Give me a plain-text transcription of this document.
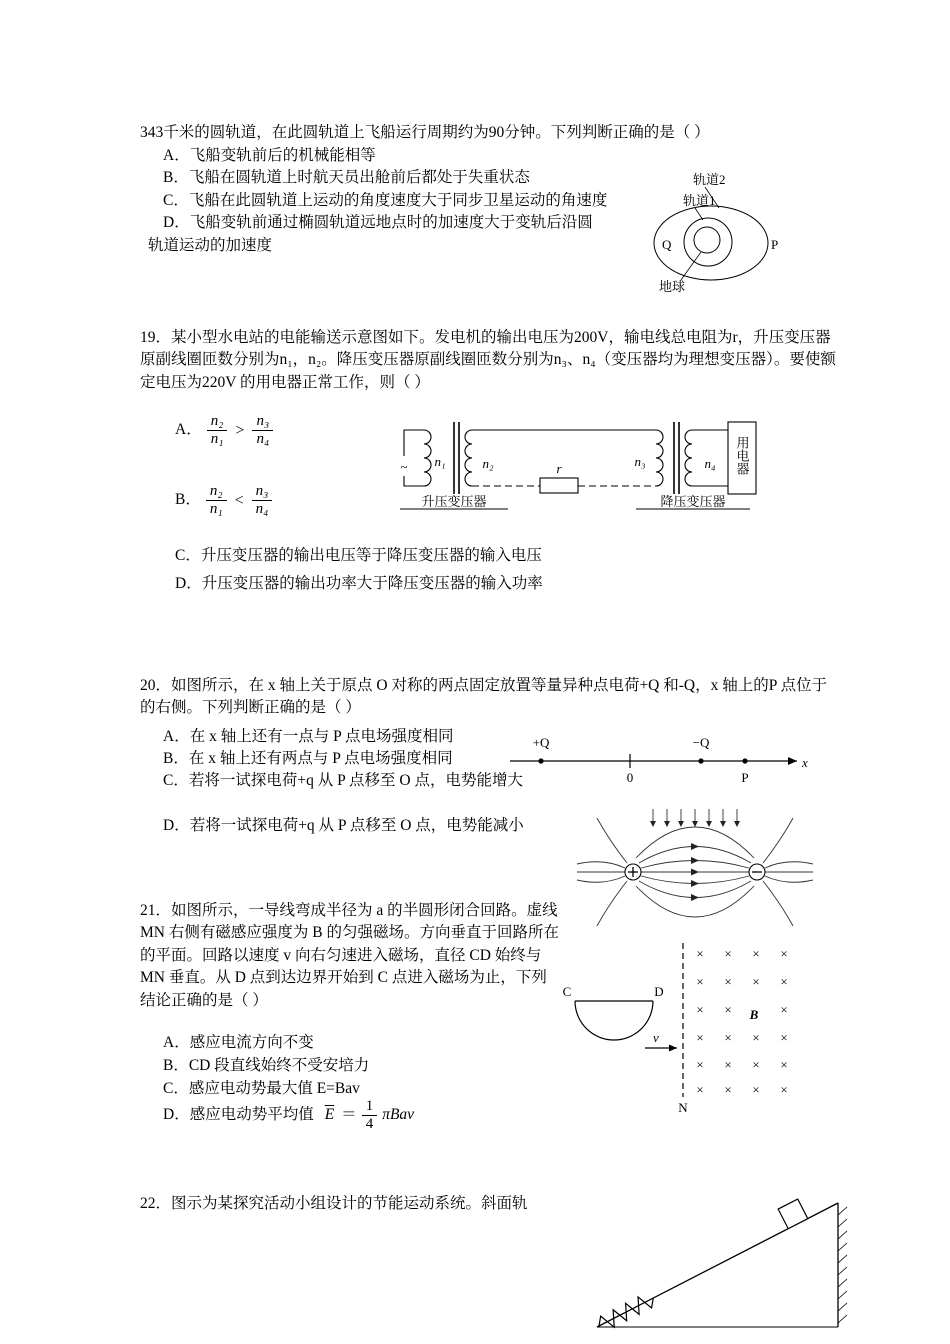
343千米的圆轨道，在此圆轨道上飞船运行周期约为90分钟。下列判断正确的是（ ）

A．飞船变轨前后的机械能相等

B．飞船在圆轨道上时航天员出舱前后都处于失重状态

C．飞船在此圆轨道上运动的角度速度大于同步卫星运动的角速度

D．飞船变轨前通过椭圆轨道远地点时的加速度大于变轨后沿圆轨道运动的加速度

轨道2
轨道1
Q	P
地球

19．某小型水电站的电能输送示意图如下。发电机的输出电压为200V，输电线总电阻为r，升压变压器原副线圈匝数分别为n₁，n₂。降压变压器原副线圈匝数分别为n₃、n₄（变压器均为理想变压器）。要使额定电压为220V 的用电器正常工作，则（ ）

A． $\frac{\text{n₂}}{\text{n₁}} > \frac{\text{n₃}}{\text{n₄}}$
B． $\frac{\text{n₂}}{\text{n₁}} < \frac{\text{n₃}}{\text{n₄}}$
~ n₁	n₂	r	n₃	n₄ 用电器
升压变压器	降压变压器

C．升压变压器的输出电压等于降压变压器的输入电压

D．升压变压器的输出功率大于降压变压器的输入功率

20．如图所示，在 x 轴上关于原点 O 对称的两点固定放置等量异种点电荷+Q 和-Q，x 轴上的P 点位于的右侧。下列判断正确的是（ ）

A．在 x 轴上还有一点与 P 点电场强度相同

B．在 x 轴上还有两点与 P 点电场强度相同

C．若将一试探电荷+q 从 P 点移至 O 点，电势能增大

D．若将一试探电荷+q 从 P 点移至 O 点，电势能减小

+Q	−Q
0	P
x

21．如图所示，一导线弯成半径为 a 的半圆形闭合回路。虚线 MN 右侧有磁感应强度为 B 的匀强磁场。方向垂直于回路所在的平面。回路以速度 v 向右匀速进入磁场，直径 CD 始终与 MN 垂直。从 D 点到达边界开始到 C 点进入磁场为止，下列结论正确的是（ ）

A．感应电流方向不变

B．CD 段直线始终不受安培力

C．感应电动势最大值 E=Bav

D．感应电动势平均值 $\overline{E} = \frac{1}{4}$ πBav
C	D
v
N
B
× × × ×
× × × ×
× ×	×
× × × ×
× × × ×
× × × ×

22．图示为某探究活动小组设计的节能运动系统。斜面轨
